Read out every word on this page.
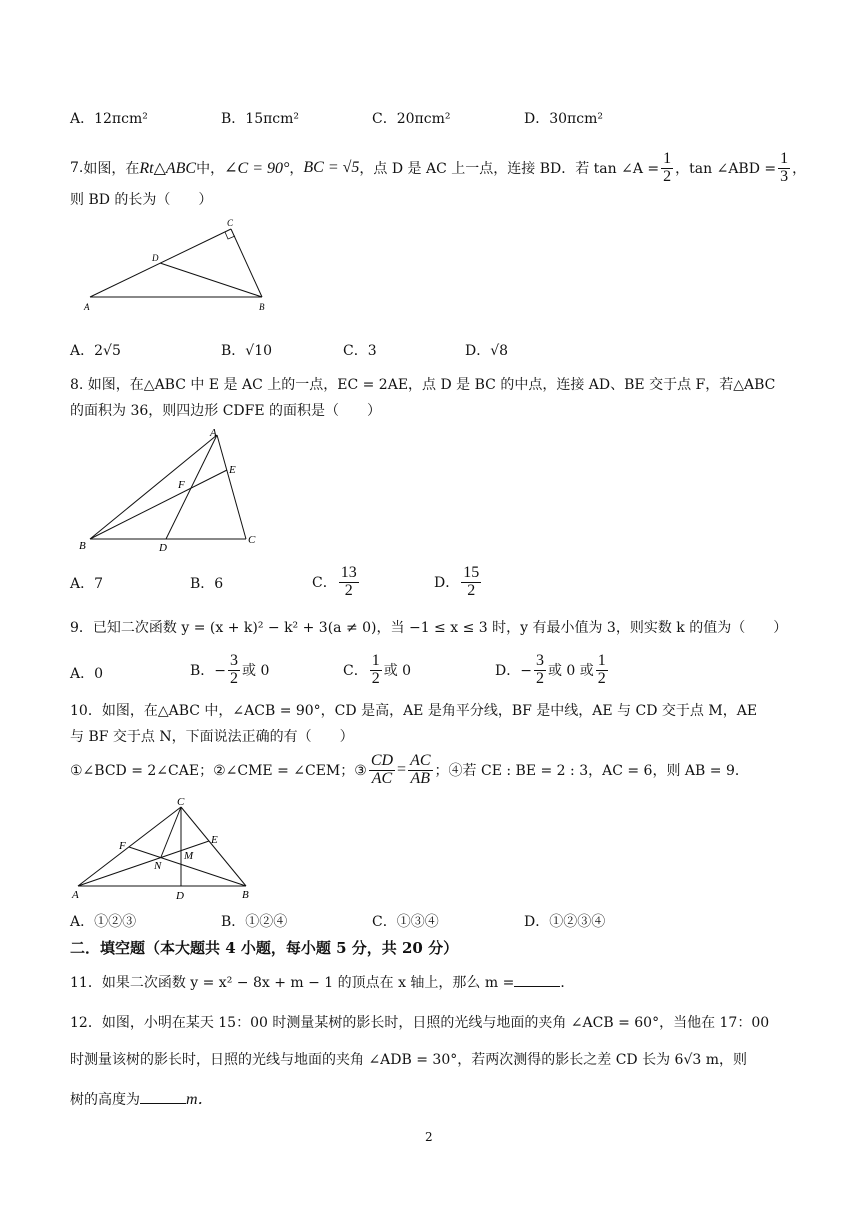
A．12πcm²	B．15πcm²	C．20πcm²	D．30πcm²
7. 如图，在 Rt△ABC 中， ∠C = 90° ， BC = √5 ，点 D 是 AC 上一点，连接 BD．若 tan ∠A = $\frac{1}{2}$ ，tan ∠ABD = $\frac{1}{3}$ ，
则 BD 的长为（　　）
C
D
A	B
A．2√5	B．√10	C．3	D．√8
8. 如图，在△ABC 中 E 是 AC 上的一点，EC = 2AE，点 D 是 BC 的中点，连接 AD、BE 交于点 F，若△ABC
的面积为 36，则四边形 CDFE 的面积是（　　）
A
E
F
B	D
C
A．7	B．6	C． $\frac{13}{2}$	D． $\frac{15}{2}$
9．已知二次函数 y = (x + k)² − k² + 3(a ≠ 0)，当 −1 ≤ x ≤ 3 时，y 有最小值为 3，则实数 k 的值为（　　）
A．0	B．− $\frac{3}{2}$ 或 0	C． $\frac{1}{2}$ 或 0	D．− $\frac{3}{2}$ 或 0 或 $\frac{1}{2}$
10．如图，在△ABC 中，∠ACB = 90°，CD 是高，AE 是角平分线，BF 是中线，AE 与 CD 交于点 M，AE
与 BF 交于点 N，下面说法正确的有（　　）
①∠BCD = 2∠CAE；②∠CME = ∠CEM；③ $\frac{CD}{AC} = \frac{AC}{AB}$ ；④若 CE : BE = 2 : 3，AC = 6，则 AB = 9．
C
F	E
M
N
A	D	B
A．①②③	B．①②④	C．①③④	D．①②③④
二．填空题（本大题共 4 小题，每小题 5 分，共 20 分）
11．如果二次函数 y = x² − 8x + m − 1 的顶点在 x 轴上，那么 m =	．
12．如图，小明在某天 15：00 时测量某树的影长时，日照的光线与地面的夹角 ∠ACB = 60°，当他在 17：00
时测量该树的影长时，日照的光线与地面的夹角 ∠ADB = 30°，若两次测得的影长之差 CD 长为 6√3 m，则
树的高度为	m．
2
